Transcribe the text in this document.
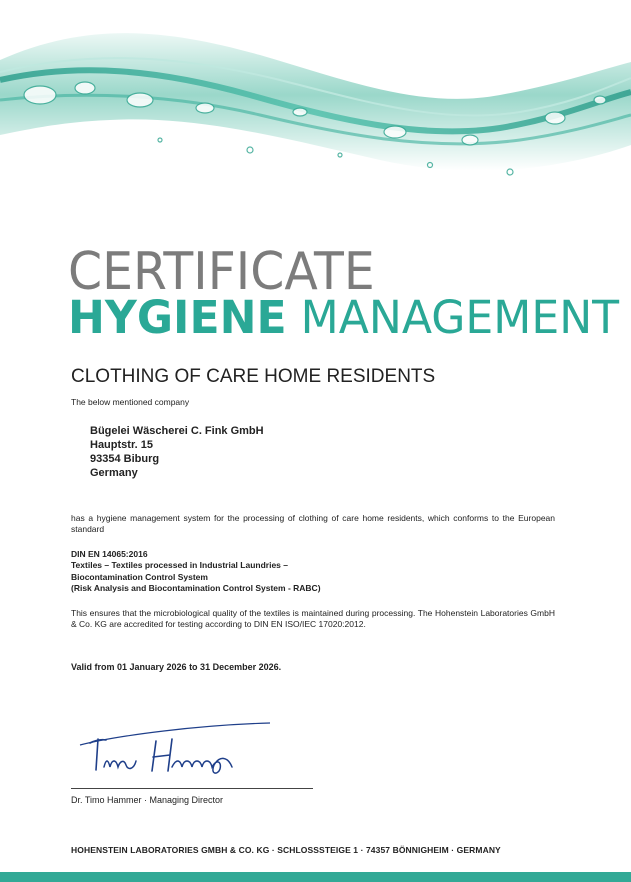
CERTIFICATE
HYGIENE MANAGEMENT
CLOTHING OF CARE HOME RESIDENTS
The below mentioned company
Bügelei Wäscherei C. Fink GmbH
Hauptstr. 15
93354 Biburg
Germany
has a hygiene management system for the processing of clothing of care home residents, which conforms to the European standard
DIN EN 14065:2016
Textiles – Textiles processed in Industrial Laundries –
Biocontamination Control System
(Risk Analysis and Biocontamination Control System - RABC)
This ensures that the microbiological quality of the textiles is maintained during processing. The Hohenstein Laboratories GmbH & Co. KG are accredited for testing according to DIN EN ISO/IEC 17020:2012.
Valid from 01 January 2026 to 31 December 2026.
Dr. Timo Hammer · Managing Director
HOHENSTEIN LABORATORIES GMBH & CO. KG · SCHLOSSSTEIGE 1 · 74357 BÖNNIGHEIM · GERMANY
